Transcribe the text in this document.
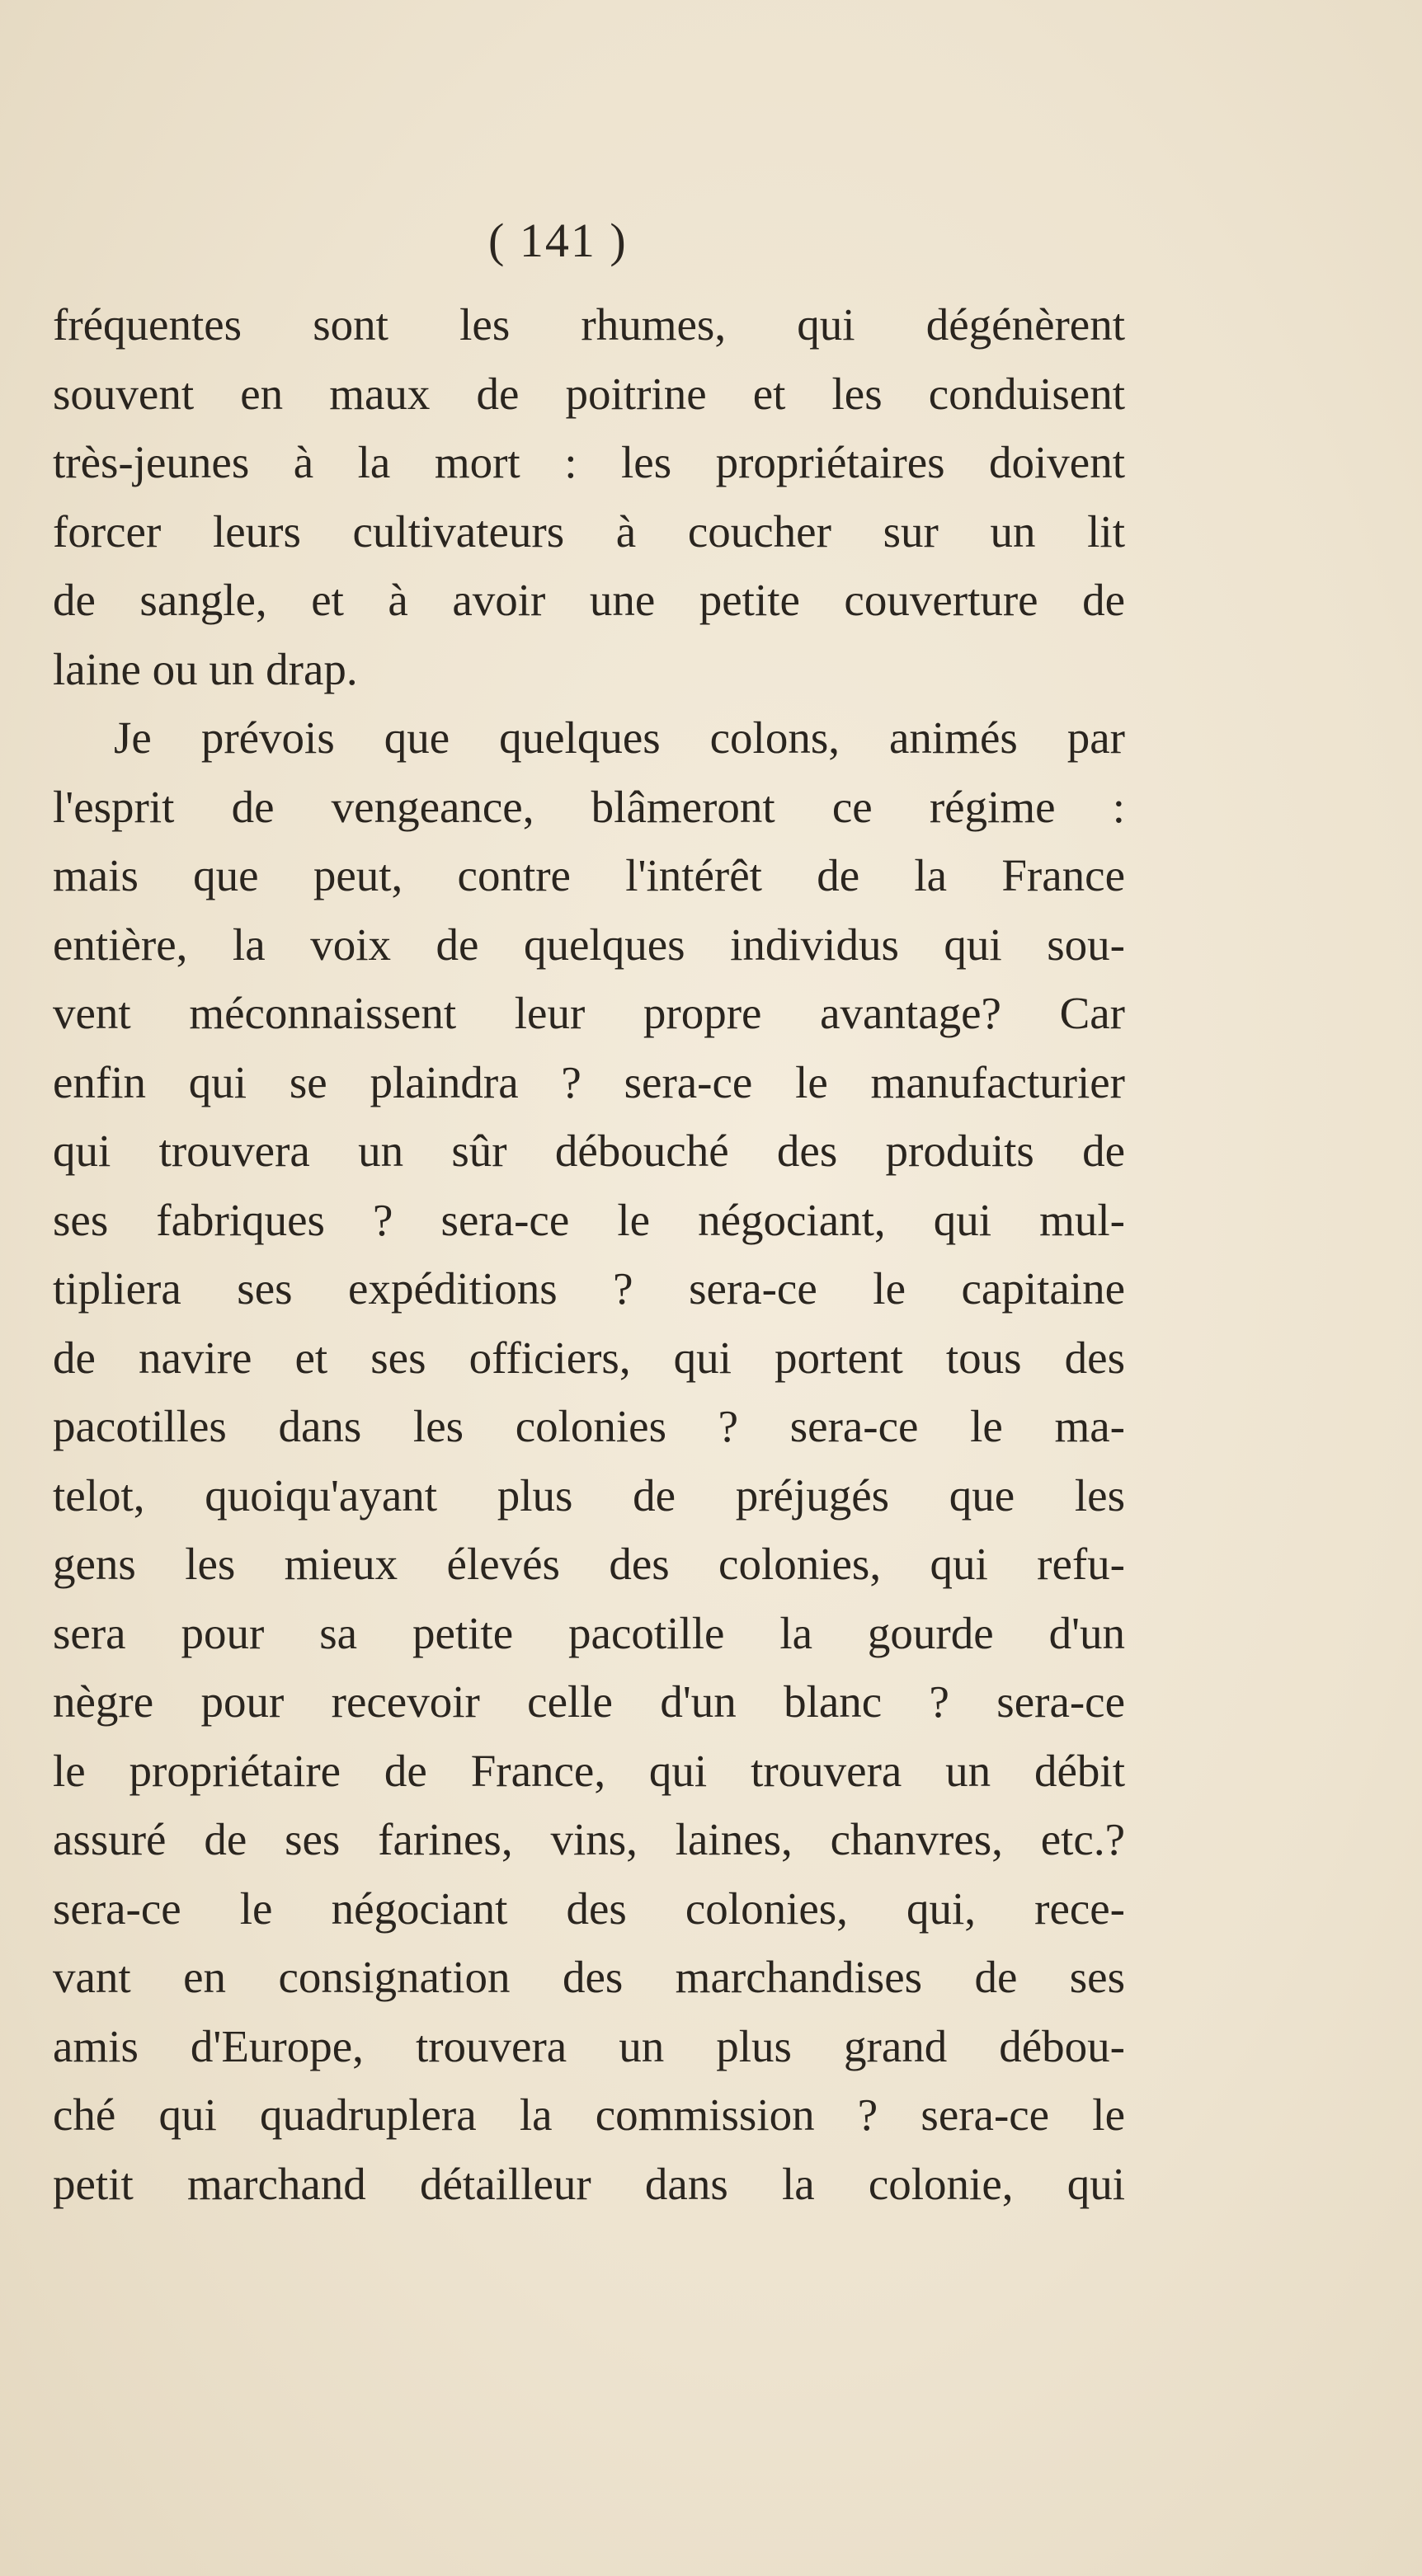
( 141 )
fréquentes sont les rhumes, qui dégénèrent
souvent en maux de poitrine et les conduisent
très-jeunes à la mort : les propriétaires doivent
forcer leurs cultivateurs à coucher sur un lit
de sangle, et à avoir une petite couverture de
laine ou un drap.
Je prévois que quelques colons, animés par
l'esprit de vengeance, blâmeront ce régime :
mais que peut, contre l'intérêt de la France
entière, la voix de quelques individus qui sou-
vent méconnaissent leur propre avantage? Car
enfin qui se plaindra ? sera-ce le manufacturier
qui trouvera un sûr débouché des produits de
ses fabriques ? sera-ce le négociant, qui mul-
tipliera ses expéditions ? sera-ce le capitaine
de navire et ses officiers, qui portent tous des
pacotilles dans les colonies ? sera-ce le ma-
telot, quoiqu'ayant plus de préjugés que les
gens les mieux élevés des colonies, qui refu-
sera pour sa petite pacotille la gourde d'un
nègre pour recevoir celle d'un blanc ? sera-ce
le propriétaire de France, qui trouvera un débit
assuré de ses farines, vins, laines, chanvres, etc.?
sera-ce le négociant des colonies, qui, rece-
vant en consignation des marchandises de ses
amis d'Europe, trouvera un plus grand débou-
ché qui quadruplera la commission ? sera-ce le
petit marchand détailleur dans la colonie, qui
